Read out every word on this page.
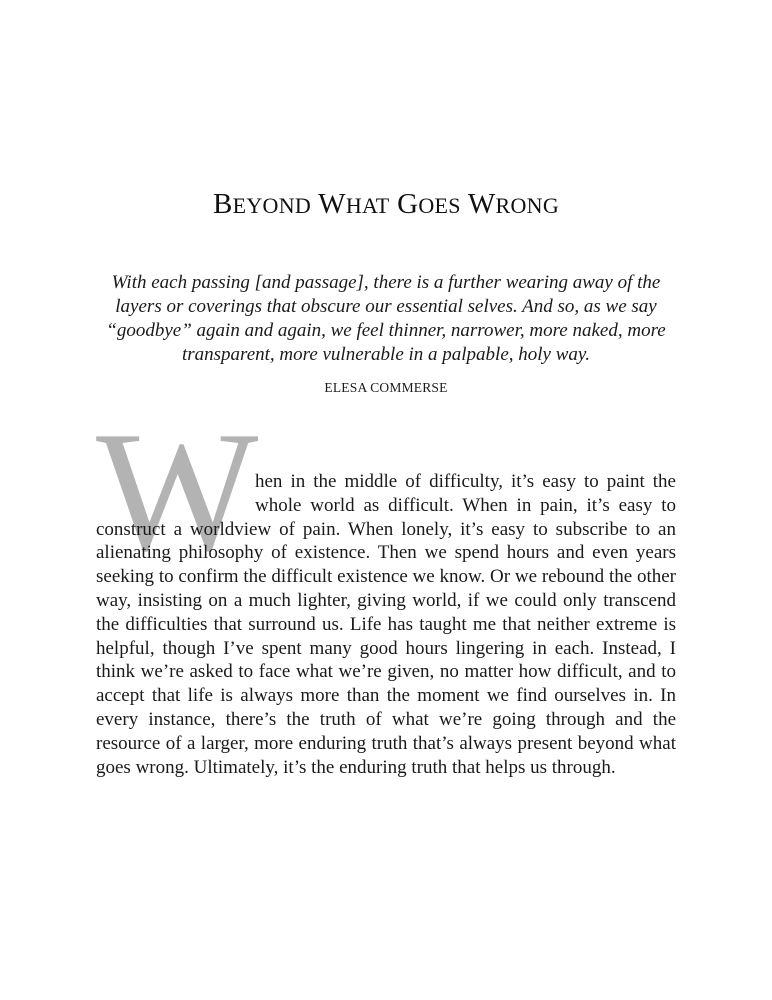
BEYOND WHAT GOES WRONG
With each passing [and passage], there is a further wearing away of the
layers or coverings that obscure our essential selves. And so, as we say
“goodbye” again and again, we feel thinner, narrower, more naked, more
transparent, more vulnerable in a palpable, holy way.
ELESA COMMERSE
W
hen in the middle of difficulty, it’s easy to paint the
whole world as difficult. When in pain, it’s easy to
construct a worldview of pain. When lonely, it’s easy to subscribe to an
alienating philosophy of existence. Then we spend hours and even years
seeking to confirm the difficult existence we know. Or we rebound the other
way, insisting on a much lighter, giving world, if we could only transcend
the difficulties that surround us. Life has taught me that neither extreme is
helpful, though I’ve spent many good hours lingering in each. Instead, I
think we’re asked to face what we’re given, no matter how difficult, and to
accept that life is always more than the moment we find ourselves in. In
every instance, there’s the truth of what we’re going through and the
resource of a larger, more enduring truth that’s always present beyond what
goes wrong. Ultimately, it’s the enduring truth that helps us through.
